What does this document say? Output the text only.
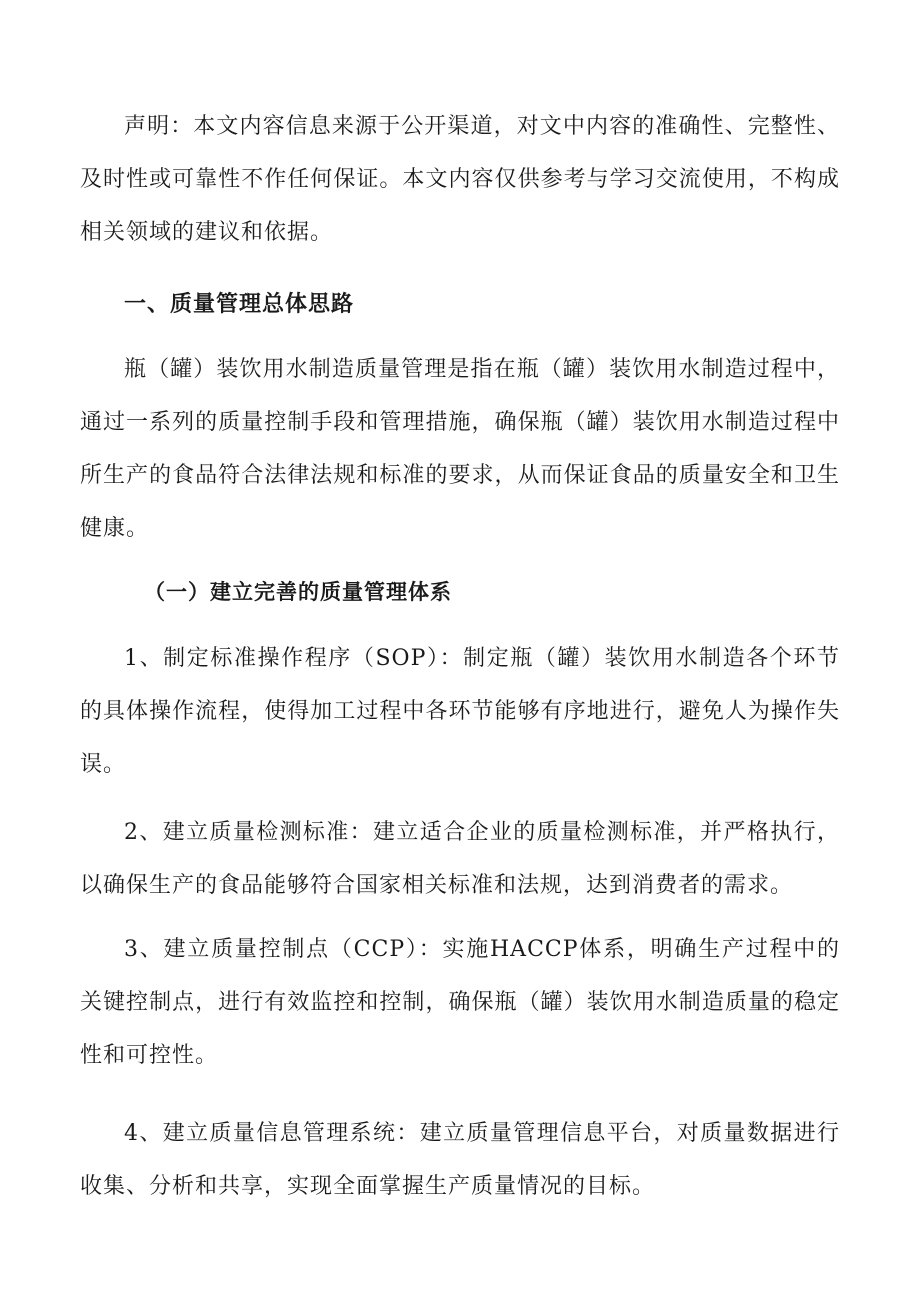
声明：本文内容信息来源于公开渠道，对文中内容的准确性、完整性、及时性或可靠性不作任何保证。本文内容仅供参考与学习交流使用，不构成相关领域的建议和依据。

一、质量管理总体思路

瓶（罐）装饮用水制造质量管理是指在瓶（罐）装饮用水制造过程中，通过一系列的质量控制手段和管理措施，确保瓶（罐）装饮用水制造过程中所生产的食品符合法律法规和标准的要求，从而保证食品的质量安全和卫生健康。

（一）建立完善的质量管理体系

1、制定标准操作程序（SOP）：制定瓶（罐）装饮用水制造各个环节的具体操作流程，使得加工过程中各环节能够有序地进行，避免人为操作失误。

2、建立质量检测标准：建立适合企业的质量检测标准，并严格执行，以确保生产的食品能够符合国家相关标准和法规，达到消费者的需求。

3、建立质量控制点（CCP）：实施HACCP体系，明确生产过程中的关键控制点，进行有效监控和控制，确保瓶（罐）装饮用水制造质量的稳定性和可控性。

4、建立质量信息管理系统：建立质量管理信息平台，对质量数据进行收集、分析和共享，实现全面掌握生产质量情况的目标。
